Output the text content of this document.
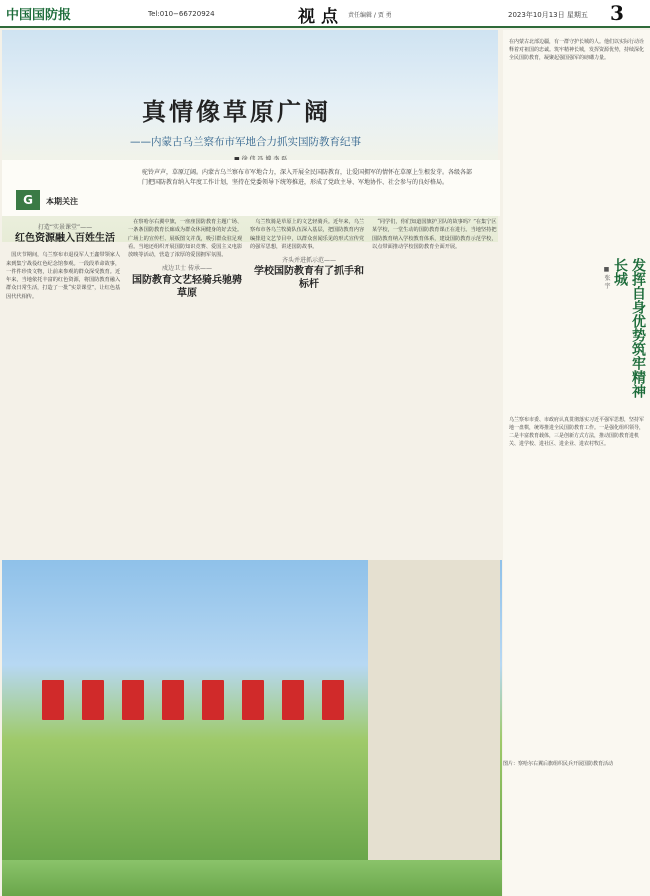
中国国防报	Tel:010−66720924	视点 责任编辑 / 贾 勇	2023年10月13日 星期五 3
真情像草原广阔
——内蒙古乌兰察布市军地合力抓实国防教育纪事
G	本期关注
驼铃声声，草原辽阔。内蒙古乌兰察布市军地合力，深入开展全民国防教育，让爱国拥军的情怀在草原上生根发芽。各级各部门把国防教育纳入年度工作计划，坚持在党委领导下统筹推进，形成了党政主导、军地协作、社会参与的良好格局。
打造“实景课堂”——
红色资源融入百姓生活

国庆节期间，乌兰察布市退役军人王鑫带领家人来到集宁战役红色纪念馆参观。一段段革命故事，一件件珍贵文物，让前来参观的群众深受教育。近年来，当地依托丰富的红色资源，将国防教育融入群众日常生活，打造了一批“实景课堂”，让红色基因代代相传。

在察哈尔右翼中旗，一座座国防教育主题广场、一条条国防教育长廊成为群众休闲健身的好去处。广场上的宣传栏、展板图文并茂，吸引群众驻足观看。当地还组织开展国防知识竞赛、爱国主义电影放映等活动，营造了浓厚的爱国拥军氛围。

戍边卫士 传承——
国防教育文艺轻骑兵驰骋草原

乌兰牧骑是草原上的文艺轻骑兵。近年来，乌兰察布市各乌兰牧骑队伍深入基层，把国防教育内容编排进文艺节目中，以群众喜闻乐见的形式宣传党的强军思想，讲述国防故事。

齐头并进抓示范——
学校国防教育有了抓手和标杆

“同学们，你们知道国旗护卫队的故事吗？”在集宁区某学校，一堂生动的国防教育课正在进行。当地坚持把国防教育纳入学校教育体系，建设国防教育示范学校，以点带面推动学校国防教育全面开展。

在内蒙古北部边疆，有一群守护长城的人。他们以实际行动诠释着对祖国的忠诚。筑牢精神长城，发挥资源优势，持续深化全民国防教育，凝聚起强国强军的磅礴力量。
发挥自身优势筑牢精神长城
■ 张 宇
乌兰察布市委、市政府认真贯彻落实习近平强军思想，坚持军地一盘棋，统筹推进全民国防教育工作。一是强化组织领导，二是丰富教育载体，三是创新方式方法，推动国防教育进机关、进学校、进社区、进企业、进农村牧区。
图片：察哈尔右翼后旗组织民兵开展国防教育活动
